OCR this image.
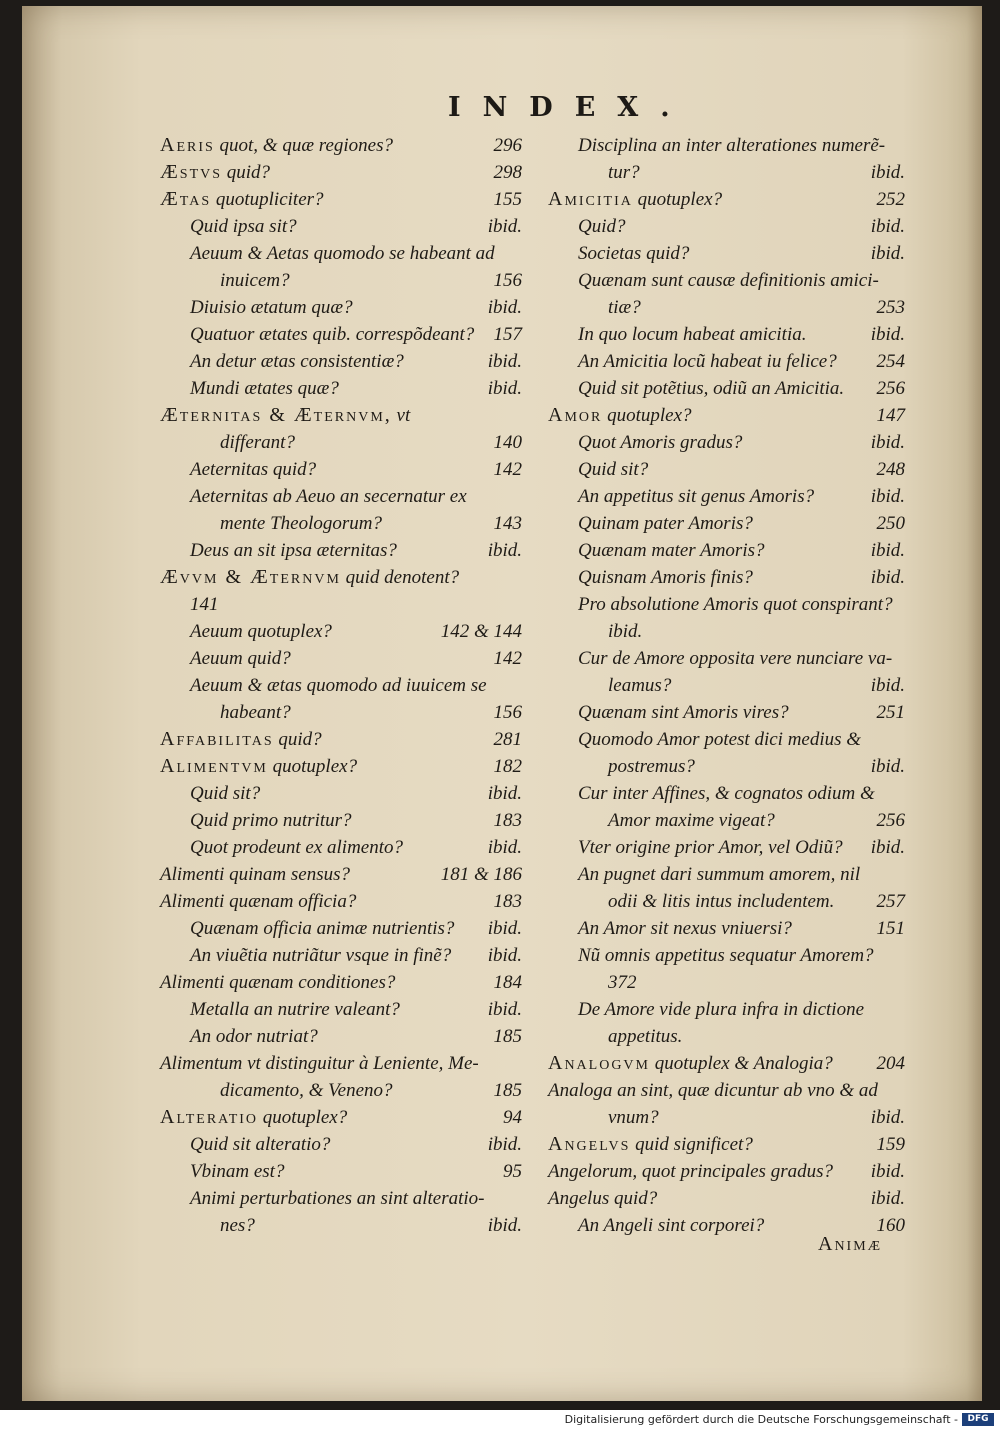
INDEX.
Aeris quot, & quæ regiones?	296
Æstvs quid?	298
Ætas quotupliciter?	155
Quid ipsa sit?	ibid.
Aeuum & Aetas quomodo se habeant ad
inuicem?	156
Diuisio ætatum quæ?	ibid.
Quatuor ætates quib. correspõdeant? 157
An detur ætas consistentiæ?	ibid.
Mundi ætates quæ?	ibid.
Æternitas & Æternvm, vt
differant?	140
Aeternitas quid?	142
Aeternitas ab Aeuo an secernatur ex
mente Theologorum?	143
Deus an sit ipsa æternitas?	ibid.
Ævvm & Æternvm quid denotent?
141
Aeuum quotuplex?	142 & 144
Aeuum quid?	142
Aeuum & ætas quomodo ad iuuicem se
habeant?	156
Affabilitas quid?	281
Alimentvm quotuplex?	182
Quid sit?	ibid.
Quid primo nutritur?	183
Quot prodeunt ex alimento?	ibid.
Alimenti quinam sensus?	181 & 186
Alimenti quænam officia?	183
Quænam officia animæ nutrientis? ibid.
An viuẽtia nutriãtur vsque in finẽ? ibid.
Alimenti quænam conditiones?	184
Metalla an nutrire valeant?	ibid.
An odor nutriat?	185
Alimentum vt distinguitur à Leniente, Me-
dicamento, & Veneno?	185
Alteratio quotuplex?	94
Quid sit alteratio?	ibid.
Vbinam est?	95
Animi perturbationes an sint alteratio-
nes?	ibid.
Disciplina an inter alterationes numerẽ-
tur?	ibid.
Amicitia quotuplex?	252
Quid?	ibid.
Societas quid?	ibid.
Quænam sunt causæ definitionis amici-
tiæ?	253
In quo locum habeat amicitia.	ibid.
An Amicitia locũ habeat iu felice? 254
Quid sit potẽtius, odiũ an Amicitia. 256
Amor quotuplex?	147
Quot Amoris gradus?	ibid.
Quid sit?	248
An appetitus sit genus Amoris?	ibid.
Quinam pater Amoris?	250
Quænam mater Amoris?	ibid.
Quisnam Amoris finis?	ibid.
Pro absolutione Amoris quot conspirant?
ibid.
Cur de Amore opposita vere nunciare va-
leamus?	ibid.
Quænam sint Amoris vires?	251
Quomodo Amor potest dici medius &
postremus?	ibid.
Cur inter Affines, & cognatos odium &
Amor maxime vigeat?	256
Vter origine prior Amor, vel Odiũ? ibid.
An pugnet dari summum amorem, nil
odii & litis intus includentem. 257
An Amor sit nexus vniuersi?	151
Nũ omnis appetitus sequatur Amorem?
372
De Amore vide plura infra in dictione
appetitus.
Analogvm quotuplex & Analogia? 204
Analoga an sint, quæ dicuntur ab vno & ad
vnum?	ibid.
Angelvs quid significet?	159
Angelorum, quot principales gradus? ibid.
Angelus quid?	ibid.
An Angeli sint corporei?	160
Animæ
Digitalisierung gefördert durch die Deutsche Forschungsgemeinschaft -	DFG
